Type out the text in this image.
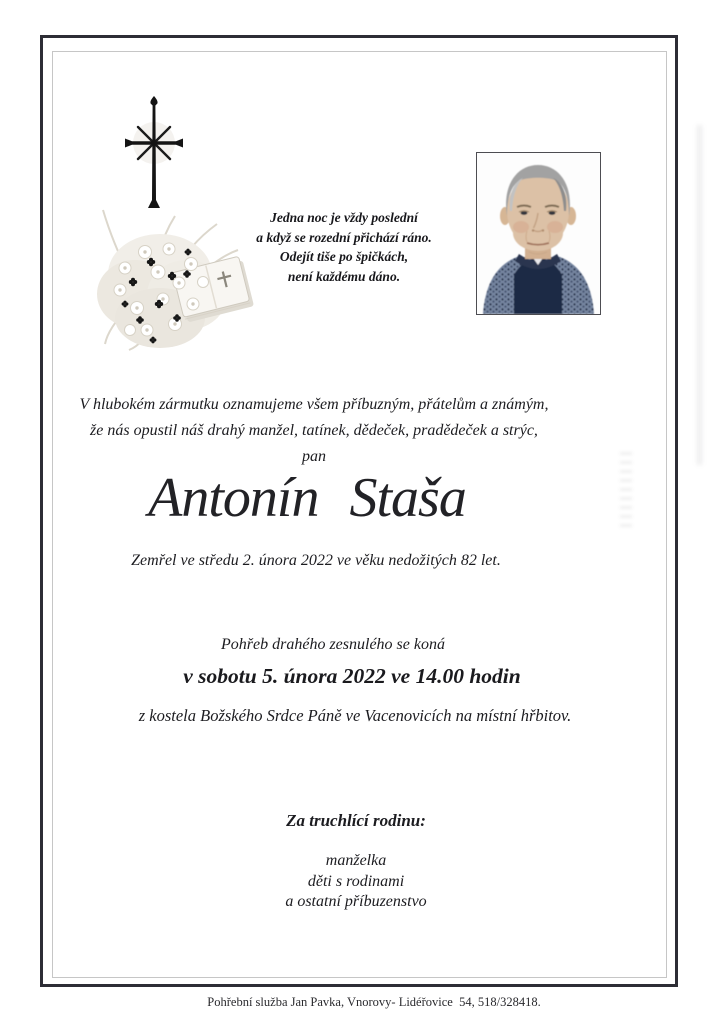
Jedna noc je vždy poslední
a když se rozední přichází ráno.
Odejít tiše po špičkách,
není každému dáno.
V hlubokém zármutku oznamujeme všem příbuzným, přátelům a známým,
že nás opustil náš drahý manžel, tatínek, dědeček, pradědeček a strýc,
pan
Antonín Staša
Zemřel ve středu 2. února 2022 ve věku nedožitých 82 let.
Pohřeb drahého zesnulého se koná
v sobotu 5. února 2022 ve 14.00 hodin
z kostela Božského Srdce Páně ve Vacenovicích na místní hřbitov.
Za truchlící rodinu:
manželka
děti s rodinami
a ostatní příbuzenstvo
Pohřební služba Jan Pavka, Vnorovy- Lidéřovice  54, 518/328418.
